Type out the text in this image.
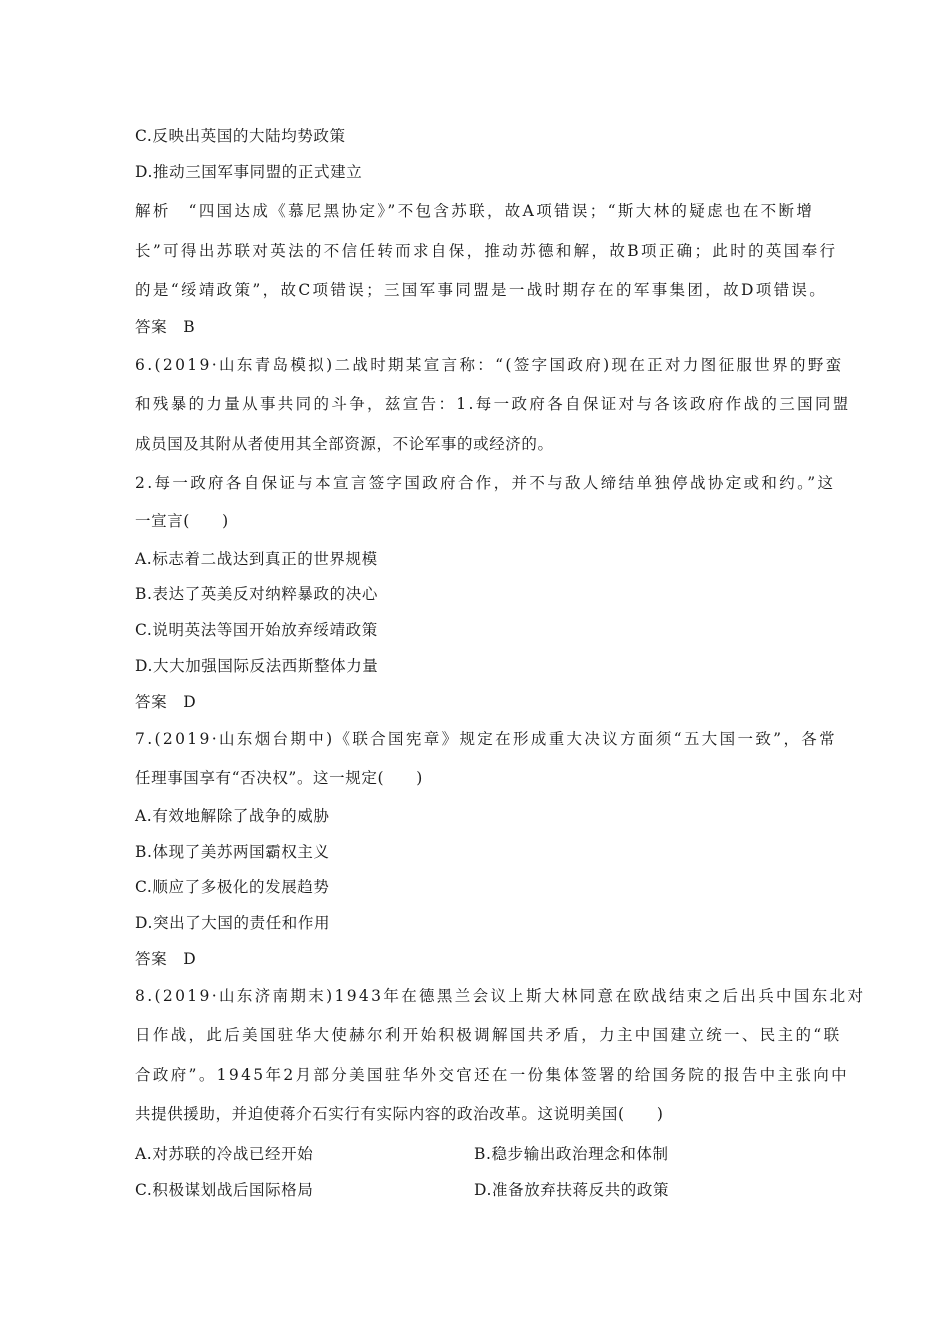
C.反映出英国的大陆均势政策
D.推动三国军事同盟的正式建立
解析　“四国达成《慕尼黑协定》”不包含苏联，故A项错误；“斯大林的疑虑也在不断增
长”可得出苏联对英法的不信任转而求自保，推动苏德和解，故B项正确；此时的英国奉行
的是“绥靖政策”，故C项错误；三国军事同盟是一战时期存在的军事集团，故D项错误。
答案　B
6.(2019·山东青岛模拟)二战时期某宣言称：“(签字国政府)现在正对力图征服世界的野蛮
和残暴的力量从事共同的斗争，兹宣告：1.每一政府各自保证对与各该政府作战的三国同盟
成员国及其附从者使用其全部资源，不论军事的或经济的。
2.每一政府各自保证与本宣言签字国政府合作，并不与敌人缔结单独停战协定或和约。”这
一宣言(　　)
A.标志着二战达到真正的世界规模
B.表达了英美反对纳粹暴政的决心
C.说明英法等国开始放弃绥靖政策
D.大大加强国际反法西斯整体力量
答案　D
7.(2019·山东烟台期中)《联合国宪章》规定在形成重大决议方面须“五大国一致”，各常
任理事国享有“否决权”。这一规定(　　)
A.有效地解除了战争的威胁
B.体现了美苏两国霸权主义
C.顺应了多极化的发展趋势
D.突出了大国的责任和作用
答案　D
8.(2019·山东济南期末)1943年在德黑兰会议上斯大林同意在欧战结束之后出兵中国东北对
日作战，此后美国驻华大使赫尔利开始积极调解国共矛盾，力主中国建立统一、民主的“联
合政府”。1945年2月部分美国驻华外交官还在一份集体签署的给国务院的报告中主张向中
共提供援助，并迫使蒋介石实行有实际内容的政治改革。这说明美国(　　)
A.对苏联的冷战已经开始	B.稳步输出政治理念和体制
C.积极谋划战后国际格局	D.准备放弃扶蒋反共的政策
